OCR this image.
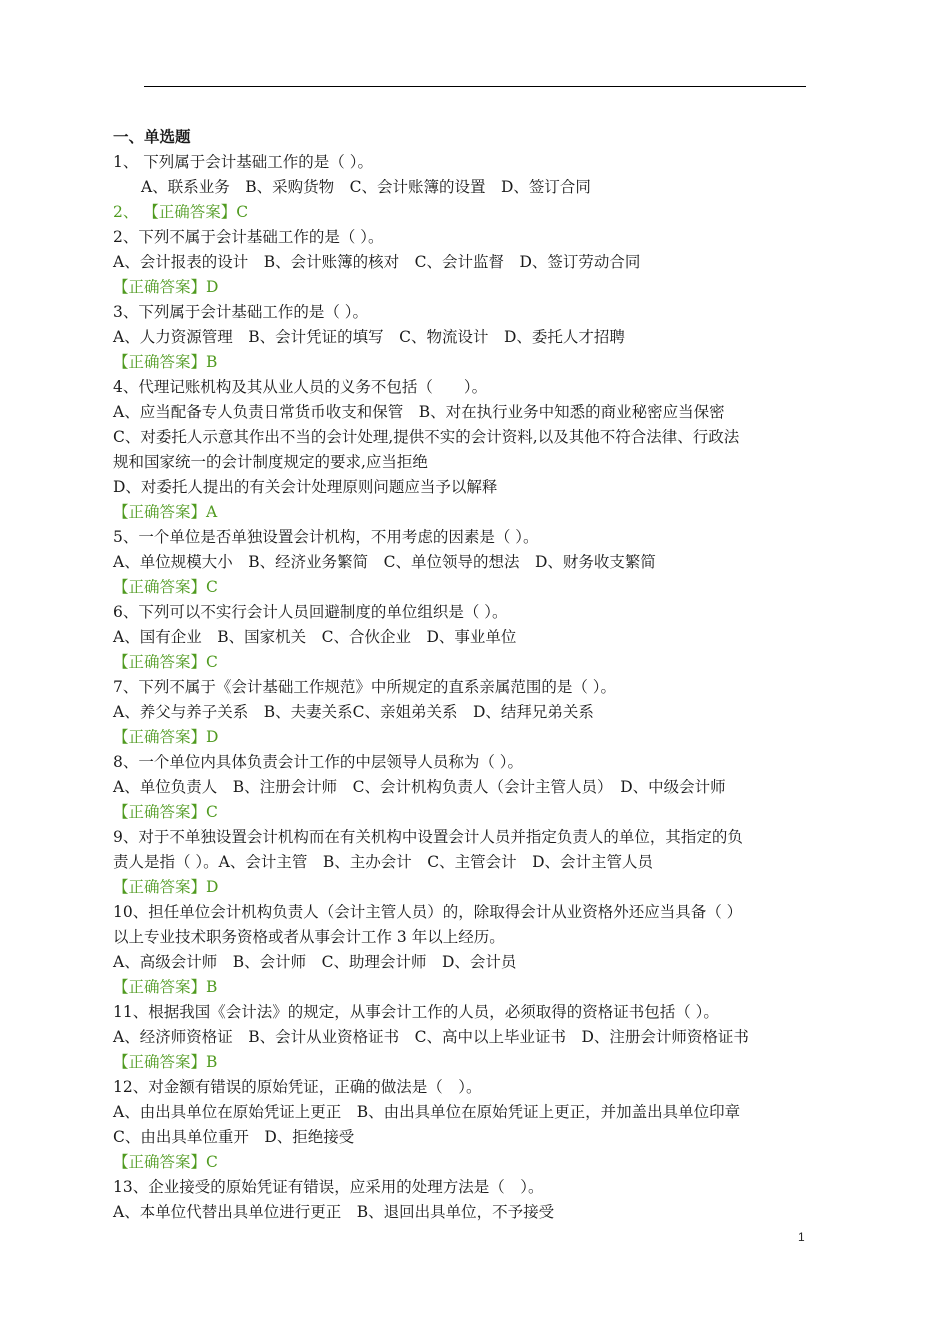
一、单选题
1、 下列属于会计基础工作的是（ ）。
A、联系业务　B、采购货物　C、会计账簿的设置　D、签订合同
2、 【正确答案】C
2、下列不属于会计基础工作的是（ ）。
A、会计报表的设计　B、会计账簿的核对　C、会计监督　D、签订劳动合同
【正确答案】D
3、下列属于会计基础工作的是（ ）。
A、人力资源管理　B、会计凭证的填写　C、物流设计　D、委托人才招聘
【正确答案】B
4、代理记账机构及其从业人员的义务不包括（　　）。
A、应当配备专人负责日常货币收支和保管　B、对在执行业务中知悉的商业秘密应当保密
C、对委托人示意其作出不当的会计处理,提供不实的会计资料,以及其他不符合法律、行政法
规和国家统一的会计制度规定的要求,应当拒绝
D、对委托人提出的有关会计处理原则问题应当予以解释
【正确答案】A
5、一个单位是否单独设置会计机构，不用考虑的因素是（ ）。
A、单位规模大小　B、经济业务繁简　C、单位领导的想法　D、财务收支繁简
【正确答案】C
6、下列可以不实行会计人员回避制度的单位组织是（ ）。
A、国有企业　B、国家机关　C、合伙企业　D、事业单位
【正确答案】C
7、下列不属于《会计基础工作规范》中所规定的直系亲属范围的是（ ）。
A、养父与养子关系　B、夫妻关系C、亲姐弟关系　D、结拜兄弟关系
【正确答案】D
8、一个单位内具体负责会计工作的中层领导人员称为（ ）。
A、单位负责人　B、注册会计师　C、会计机构负责人（会计主管人员）　D、中级会计师
【正确答案】C
9、对于不单独设置会计机构而在有关机构中设置会计人员并指定负责人的单位，其指定的负
责人是指（ ）。A、会计主管　B、主办会计　C、主管会计　D、会计主管人员
【正确答案】D
10、担任单位会计机构负责人（会计主管人员）的，除取得会计从业资格外还应当具备（ ）
以上专业技术职务资格或者从事会计工作 3 年以上经历。
A、高级会计师　B、会计师　C、助理会计师　D、会计员
【正确答案】B
11、根据我国《会计法》的规定，从事会计工作的人员，必须取得的资格证书包括（ ）。
A、经济师资格证　B、会计从业资格证书　C、高中以上毕业证书　D、注册会计师资格证书
【正确答案】B
12、对金额有错误的原始凭证，正确的做法是（　）。
A、由出具单位在原始凭证上更正　B、由出具单位在原始凭证上更正，并加盖出具单位印章
C、由出具单位重开　D、拒绝接受
【正确答案】C
13、企业接受的原始凭证有错误，应采用的处理方法是（　）。
A、本单位代替出具单位进行更正　B、退回出具单位，不予接受
1
